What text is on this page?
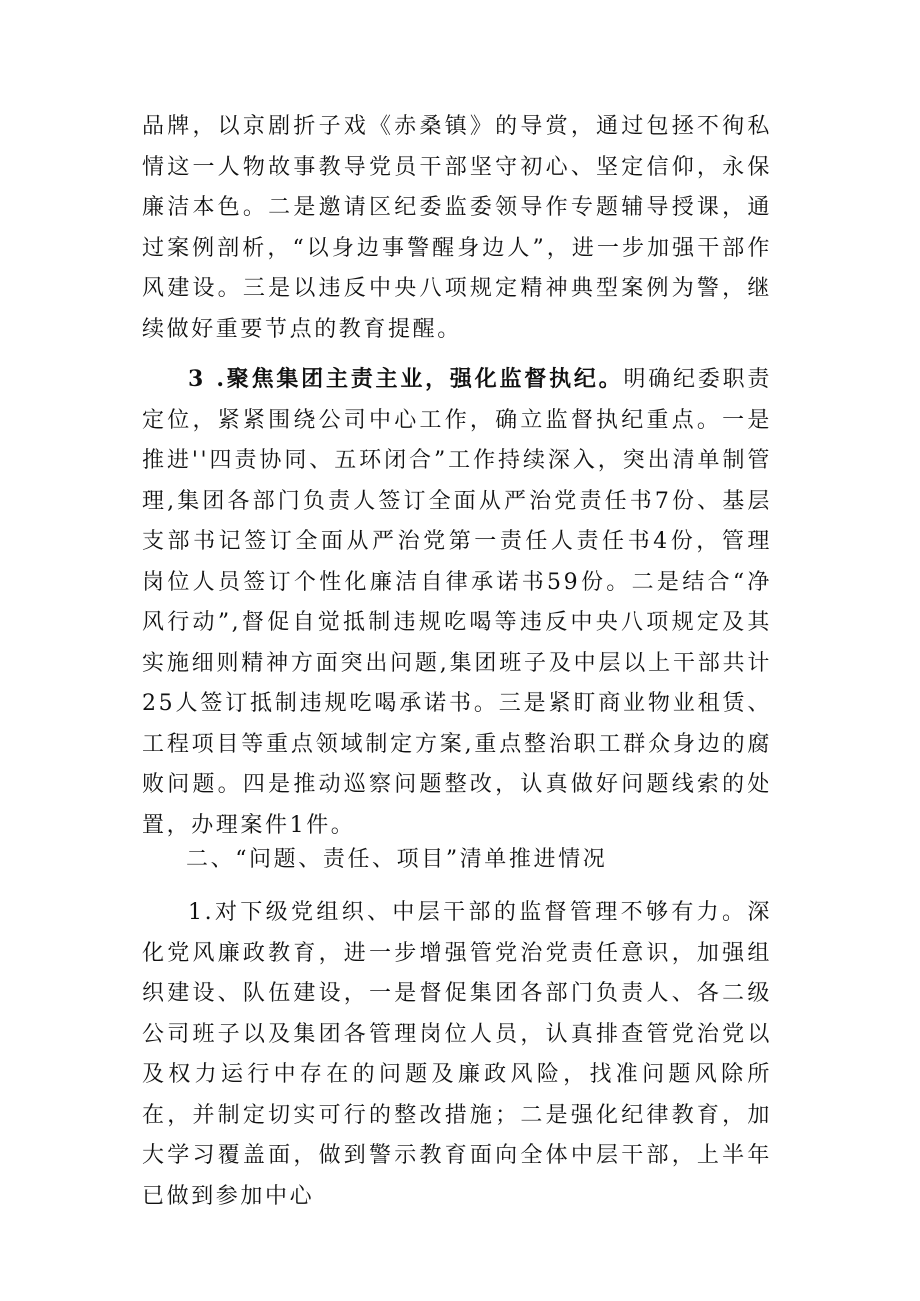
品牌，以京剧折子戏《赤桑镇》的导赏，通过包拯不徇私情这一人物故事教导党员干部坚守初心、坚定信仰，永保廉洁本色。二是邀请区纪委监委领导作专题辅导授课，通过案例剖析，“以身边事警醒身边人”，进一步加强干部作风建设。三是以违反中央八项规定精神典型案例为警，继续做好重要节点的教育提醒。

3 .聚焦集团主责主业，强化监督执纪。明确纪委职责定位，紧紧围绕公司中心工作，确立监督执纪重点。一是推进''四责协同、五环闭合”工作持续深入，突出清单制管理,集团各部门负责人签订全面从严治党责任书7份、基层支部书记签订全面从严治党第一责任人责任书4份，管理岗位人员签订个性化廉洁自律承诺书59份。二是结合“净风行动”,督促自觉抵制违规吃喝等违反中央八项规定及其实施细则精神方面突出问题,集团班子及中层以上干部共计25人签订抵制违规吃喝承诺书。三是紧盯商业物业租赁、工程项目等重点领域制定方案,重点整治职工群众身边的腐败问题。四是推动巡察问题整改，认真做好问题线索的处置，办理案件1件。

二、“问题、责任、项目”清单推进情况

1.对下级党组织、中层干部的监督管理不够有力。深化党风廉政教育，进一步增强管党治党责任意识，加强组织建设、队伍建设，一是督促集团各部门负责人、各二级公司班子以及集团各管理岗位人员，认真排查管党治党以及权力运行中存在的问题及廉政风险，找准问题风除所在，并制定切实可行的整改措施；二是强化纪律教育，加大学习覆盖面，做到警示教育面向全体中层干部，上半年已做到参加中心
